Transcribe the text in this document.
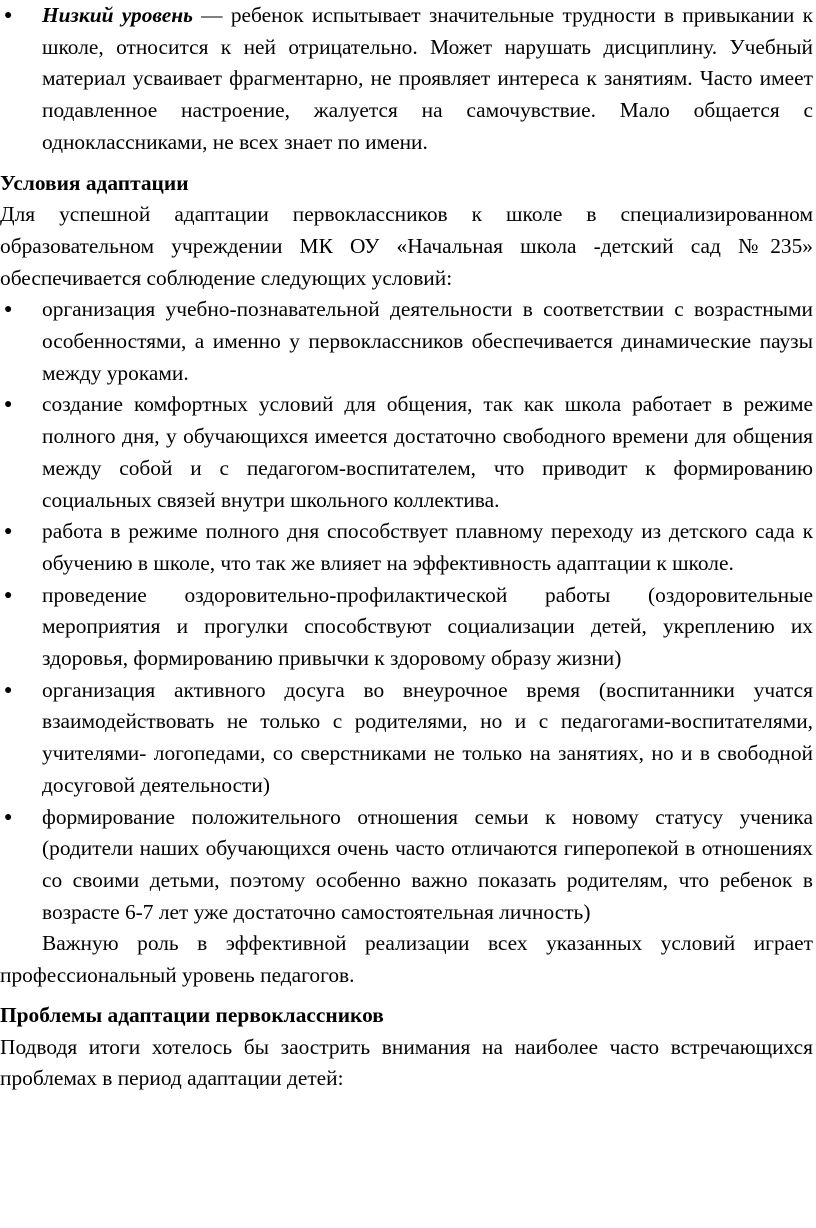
● Низкий уровень — ребенок испытывает значительные трудности в привыкании к школе, относится к ней отрицательно. Может нарушать дисциплину. Учебный материал усваивает фрагментарно, не проявляет интереса к занятиям. Часто имеет подавленное настроение, жалуется на самочувствие. Мало общается с одноклассниками, не всех знает по имени.

Условия адаптации

Для успешной адаптации первоклассников к школе в специализированном образовательном учреждении МК ОУ «Начальная школа -детский сад №235» обеспечивается соблюдение следующих условий:

● организация учебно-познавательной деятельности в соответствии с возрастными особенностями, а именно у первоклассников обеспечивается динамические паузы между уроками.
● создание комфортных условий для общения, так как школа работает в режиме полного дня, у обучающихся имеется достаточно свободного времени для общения между собой и с педагогом-воспитателем, что приводит к формированию социальных связей внутри школьного коллектива.
● работа в режиме полного дня способствует плавному переходу из детского сада к обучению в школе, что так же влияет на эффективность адаптации к школе.
● проведение оздоровительно-профилактической работы (оздоровительные мероприятия и прогулки способствуют социализации детей, укреплению их здоровья, формированию привычки к здоровому образу жизни)
● организация активного досуга во внеурочное время (воспитанники учатся взаимодействовать не только с родителями, но и с педагогами-воспитателями, учителями- логопедами, со сверстниками не только на занятиях, но и в свободной досуговой деятельности)
● формирование положительного отношения семьи к новому статусу ученика (родители наших обучающихся очень часто отличаются гиперопекой в отношениях со своими детьми, поэтому особенно важно показать родителям, что ребенок в возрасте 6-7 лет уже достаточно самостоятельная личность)

Важную роль в эффективной реализации всех указанных условий играет профессиональный уровень педагогов.

Проблемы адаптации первоклассников

Подводя итоги хотелось бы заострить внимания на наиболее часто встречающихся проблемах в период адаптации детей:
